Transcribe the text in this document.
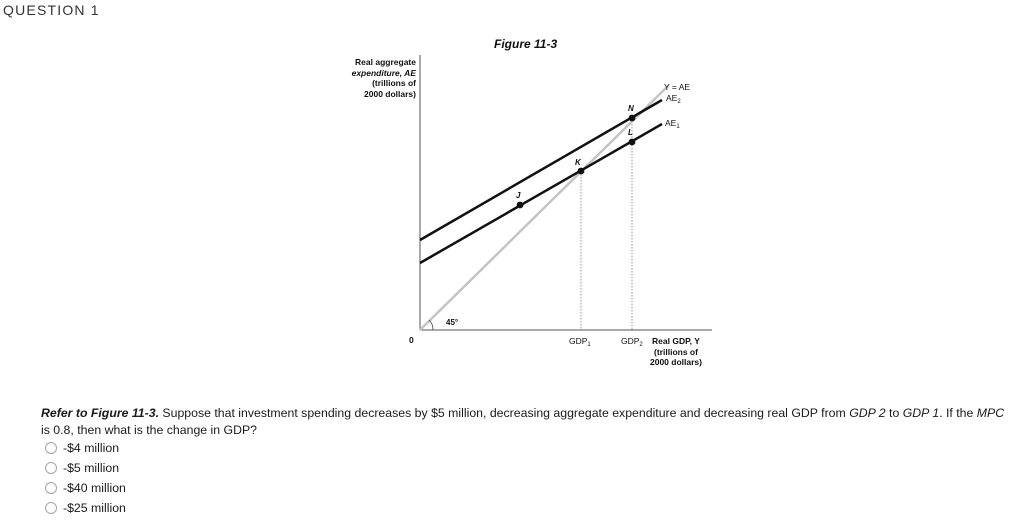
QUESTION 1
Figure 11-3
Real aggregate
expenditure, AE
(trillions of
2000 dollars)
J
K
L
N
Y = AE
$AE_2$
$AE_1$
45°
0	$GDP_1$	$GDP_2$ Real GDP, Y
(trillions of
2000 dollars)
Refer to Figure 11-3. Suppose that investment spending decreases by $5 million, decreasing aggregate expenditure and decreasing real GDP from GDP 2 to GDP 1. If the MPC is 0.8, then what is the change in GDP?
-$4 million
-$5 million
-$40 million
-$25 million
